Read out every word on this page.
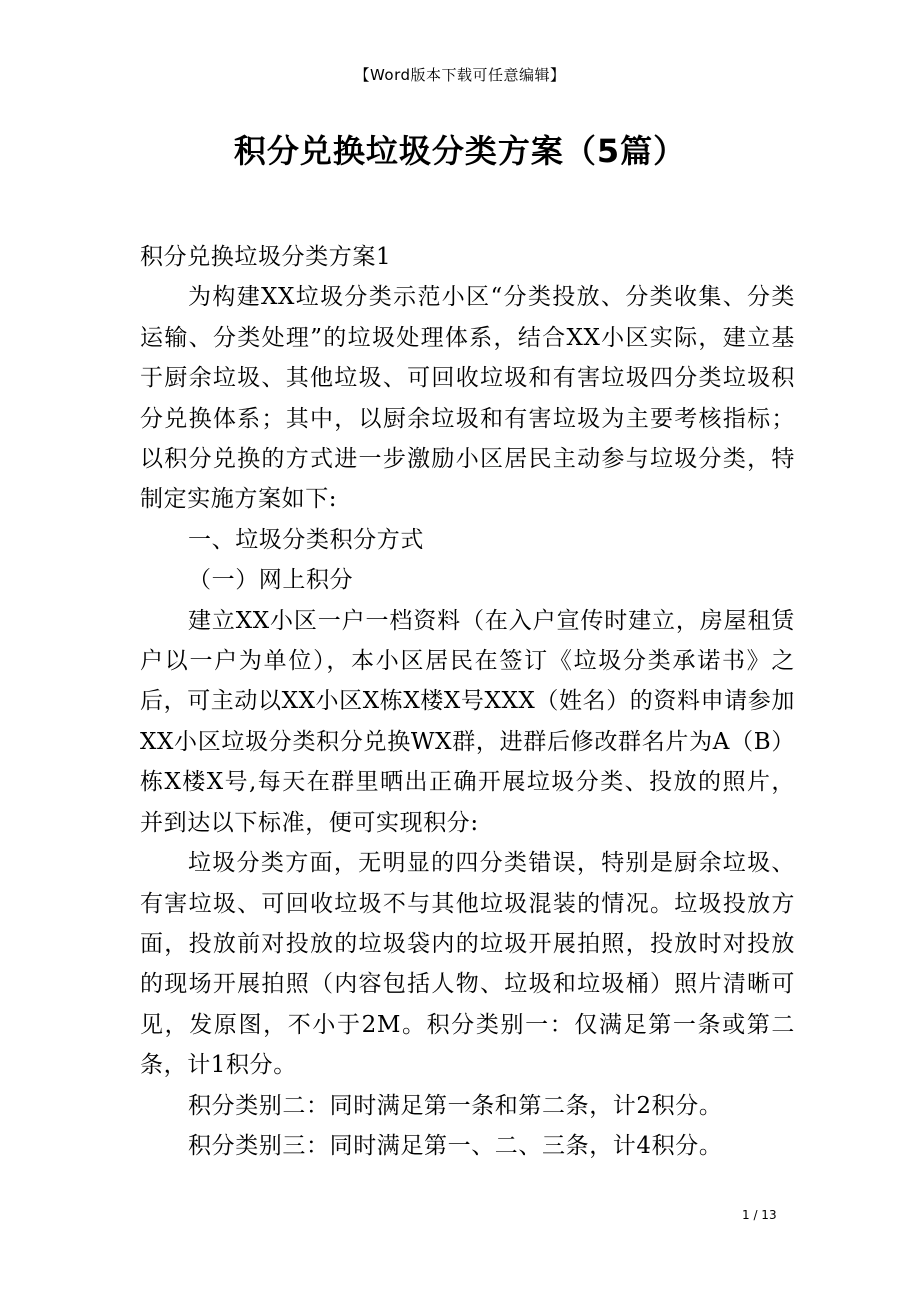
【Word版本下载可任意编辑】
积分兑换垃圾分类方案（5篇）

积分兑换垃圾分类方案1

为构建XX垃圾分类示范小区“分类投放、分类收集、分类运输、分类处理”的垃圾处理体系，结合XX小区实际，建立基于厨余垃圾、其他垃圾、可回收垃圾和有害垃圾四分类垃圾积分兑换体系；其中，以厨余垃圾和有害垃圾为主要考核指标；以积分兑换的方式进一步激励小区居民主动参与垃圾分类，特制定实施方案如下:

一、垃圾分类积分方式

（一）网上积分

建立XX小区一户一档资料（在入户宣传时建立，房屋租赁户以一户为单位），本小区居民在签订《垃圾分类承诺书》之后，可主动以XX小区X栋X楼X号XXX（姓名）的资料申请参加XX小区垃圾分类积分兑换WX群，进群后修改群名片为A（B）栋X楼X号,每天在群里晒出正确开展垃圾分类、投放的照片，并到达以下标准，便可实现积分:

垃圾分类方面，无明显的四分类错误，特别是厨余垃圾、有害垃圾、可回收垃圾不与其他垃圾混装的情况。垃圾投放方面，投放前对投放的垃圾袋内的垃圾开展拍照，投放时对投放的现场开展拍照（内容包括人物、垃圾和垃圾桶）照片清晰可见，发原图，不小于2M。积分类别一：仅满足第一条或第二条，计1积分。

积分类别二：同时满足第一条和第二条，计2积分。

积分类别三：同时满足第一、二、三条，计4积分。

1 / 13
